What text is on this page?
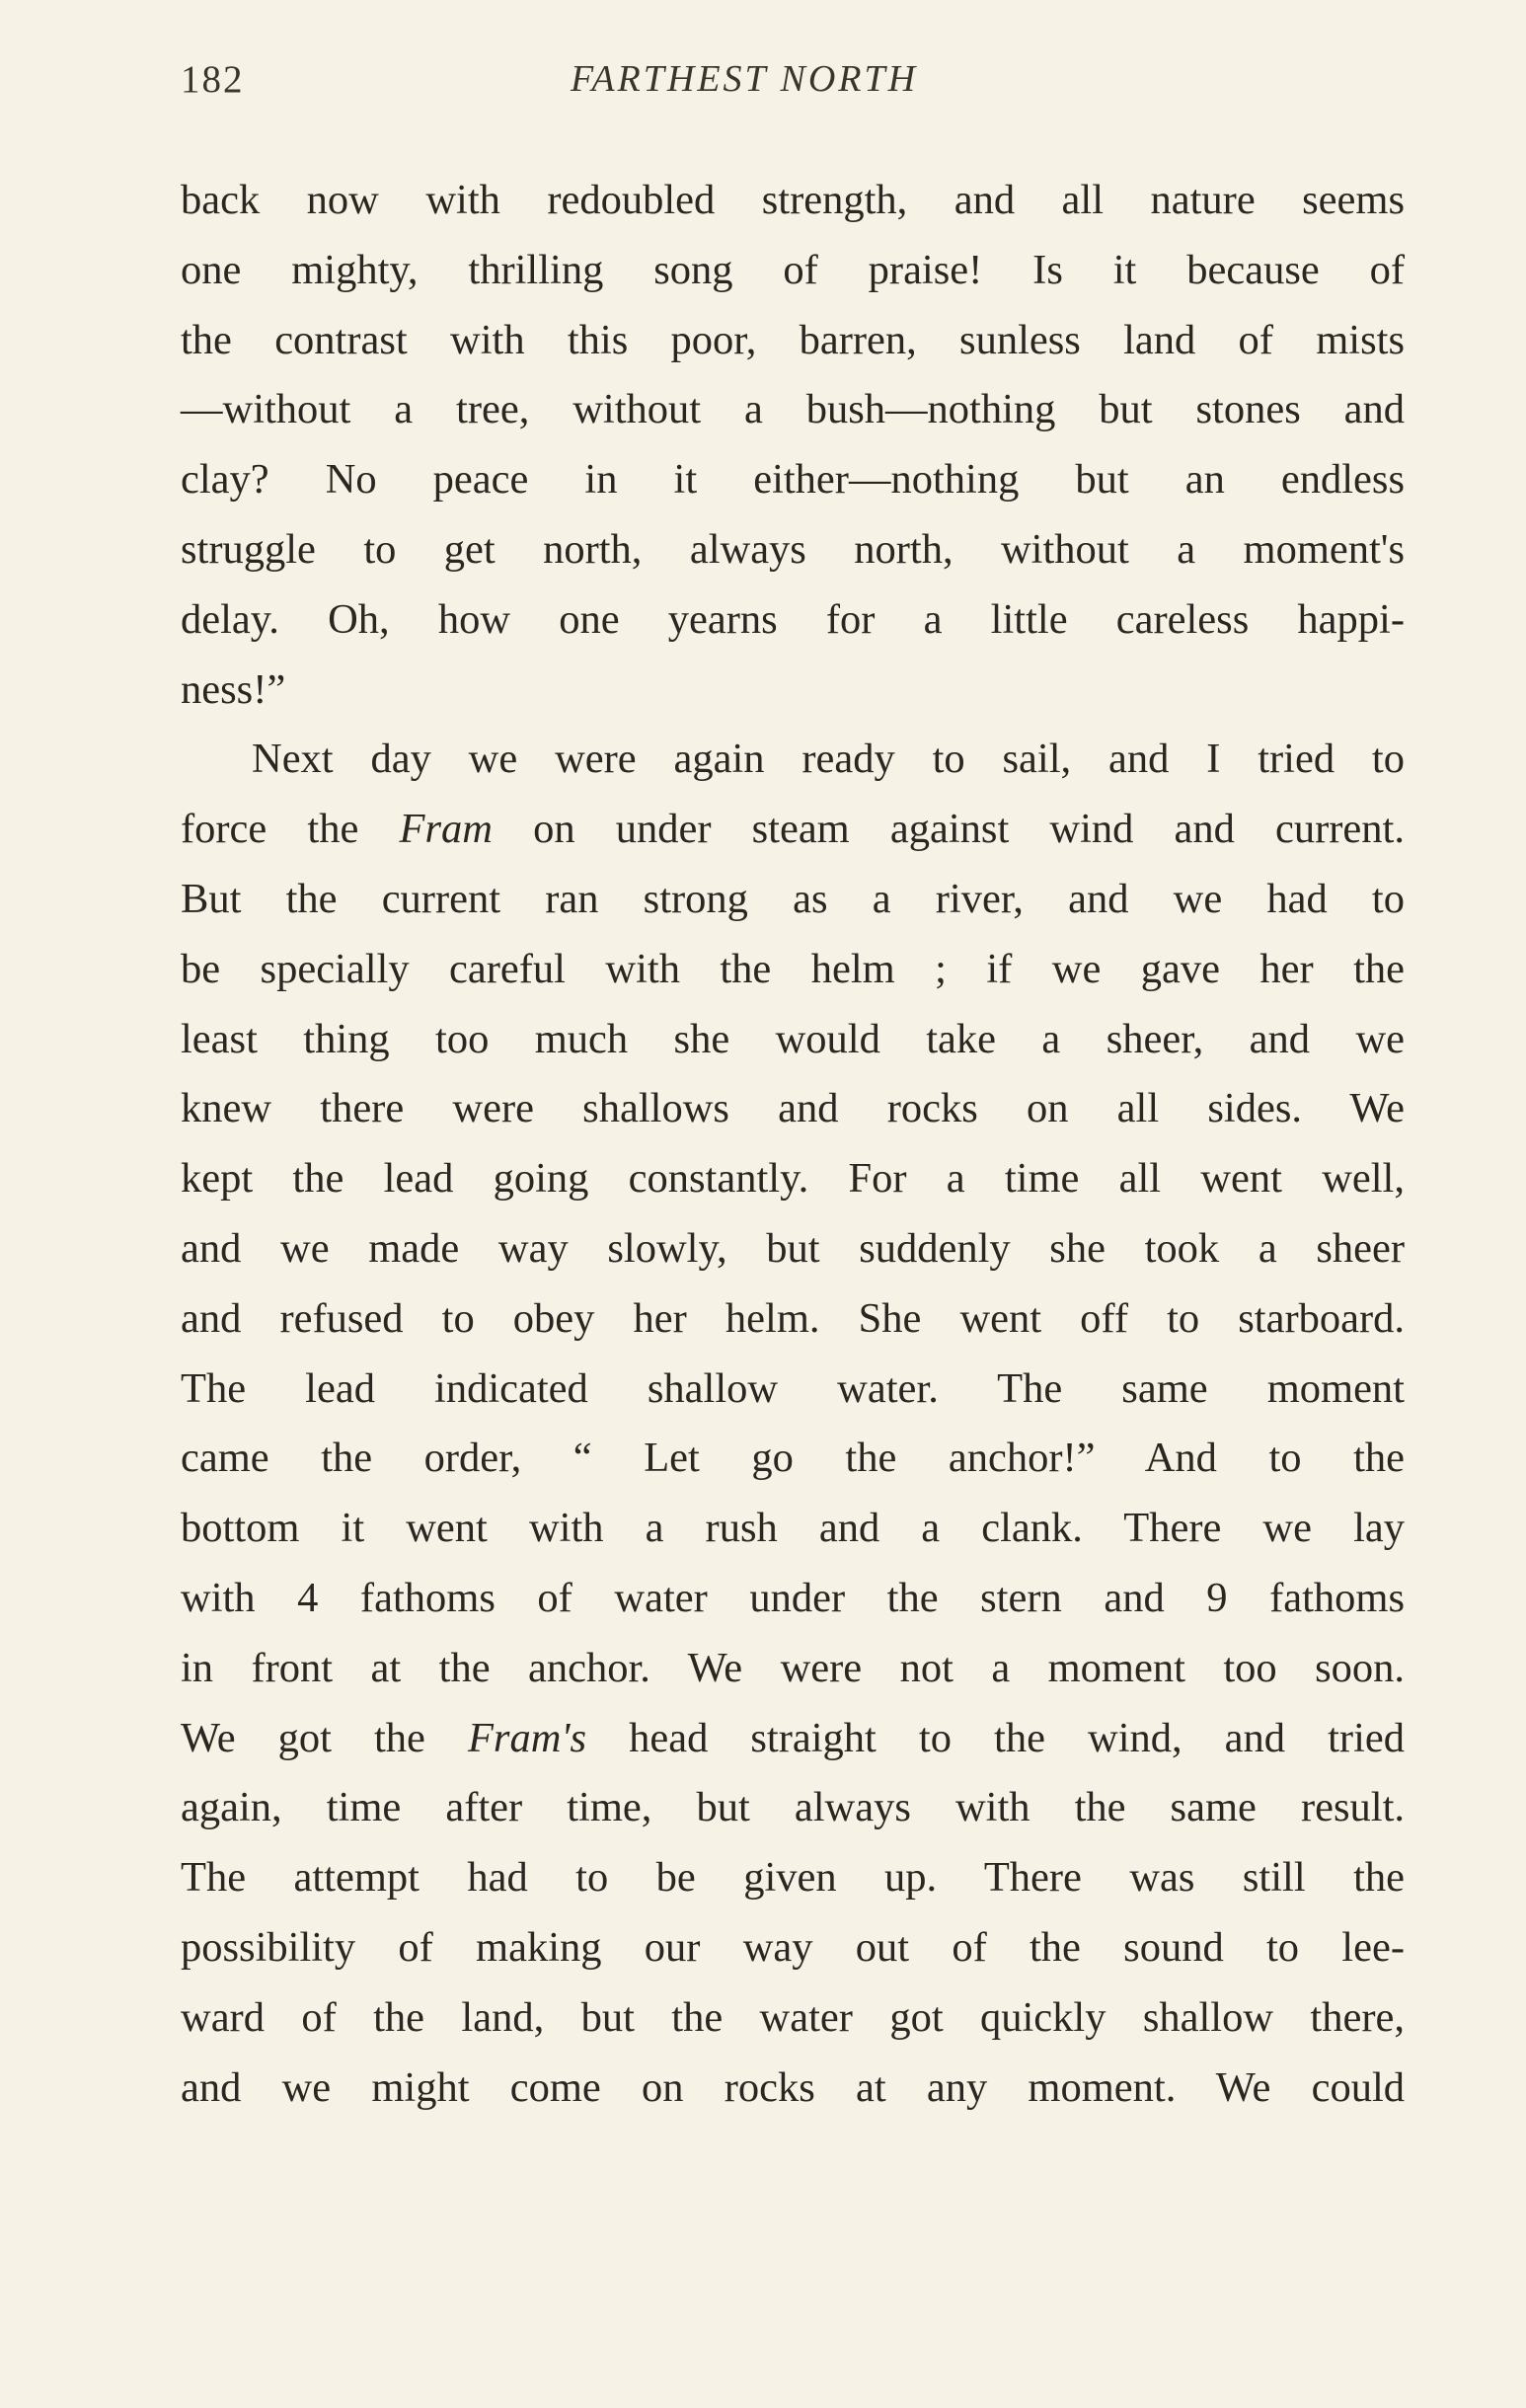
182	FARTHEST NORTH
back now with redoubled strength, and all nature seems
one mighty, thrilling song of praise! Is it because of
the contrast with this poor, barren, sunless land of mists
—without a tree, without a bush—nothing but stones and
clay? No peace in it either—nothing but an endless
struggle to get north, always north, without a moment's
delay. Oh, how one yearns for a little careless happi-
ness!”
Next day we were again ready to sail, and I tried to
force the Fram on under steam against wind and current.
But the current ran strong as a river, and we had to
be specially careful with the helm ; if we gave her the
least thing too much she would take a sheer, and we
knew there were shallows and rocks on all sides. We
kept the lead going constantly. For a time all went well,
and we made way slowly, but suddenly she took a sheer
and refused to obey her helm. She went off to starboard.
The lead indicated shallow water. The same moment
came the order, “ Let go the anchor!” And to the
bottom it went with a rush and a clank. There we lay
with 4 fathoms of water under the stern and 9 fathoms
in front at the anchor. We were not a moment too soon.
We got the Fram's head straight to the wind, and tried
again, time after time, but always with the same result.
The attempt had to be given up. There was still the
possibility of making our way out of the sound to lee-
ward of the land, but the water got quickly shallow there,
and we might come on rocks at any moment. We could
